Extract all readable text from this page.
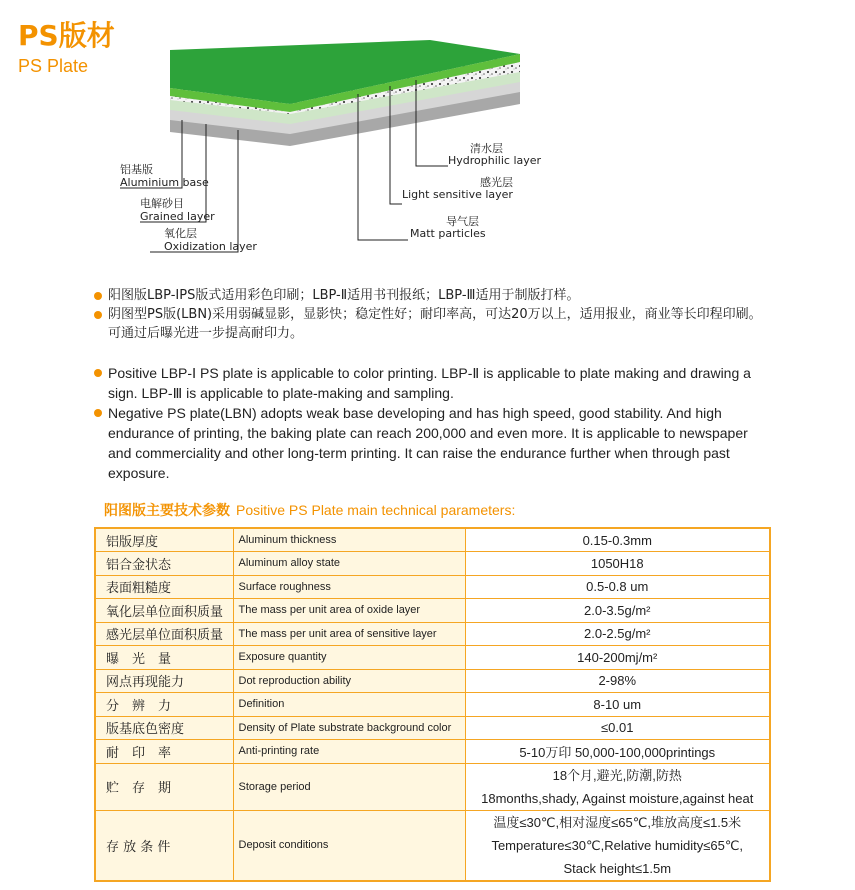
PS版材
PS Plate
铝基版
Aluminium base
电解砂目
Grained layer
氧化层
Oxidization layer
清水层
Hydrophilic layer
感光层
Light sensitive layer
导气层
Matt particles
阳图版LBP-ⅠPS版式适用彩色印刷；LBP-Ⅱ适用书刊报纸；LBP-Ⅲ适用于制版打样。
阴图型PS版(LBN)采用弱碱显影，显影快；稳定性好；耐印率高，可达20万以上，适用报业，商业等长印程印刷。可通过后曝光进一步提高耐印力。
Positive LBP-Ⅰ PS plate is applicable to color printing. LBP-Ⅱ is applicable to plate making and drawing a sign. LBP-Ⅲ is applicable to plate-making and sampling.
Negative PS plate(LBN) adopts weak base developing and has high speed, good stability. And high endurance of printing, the baking plate can reach 200,000 and even more. It is applicable to newspaper and commerciality and other long-term printing. It can raise the endurance further when through past exposure.
阳图版主要技术参数 Positive PS Plate main technical parameters:
铝版厚度	Aluminum thickness	0.15-0.3mm
铝合金状态	Aluminum alloy state	1050H18
表面粗糙度	Surface roughness	0.5-0.8 um
氧化层单位面积质量	The mass per unit area of oxide layer	2.0-3.5g/m²
感光层单位面积质量	The mass per unit area of sensitive layer	2.0-2.5g/m²
曝　光　量	Exposure quantity	140-200mj/m²
网点再现能力	Dot reproduction ability	2-98%
分　辨　力	Definition	8-10 um
版基底色密度	Density of Plate substrate background color	≤0.01
耐　印　率	Anti-printing rate	5-10万印 50,000-100,000printings
贮　存　期	Storage period	18个月,避光,防潮,防热
18months,shady, Against moisture,against heat

存 放 条 件	Deposit conditions	温度≤30℃,相对湿度≤65℃,堆放高度≤1.5米
Temperature≤30℃,Relative humidity≤65℃,
Stack height≤1.5m
